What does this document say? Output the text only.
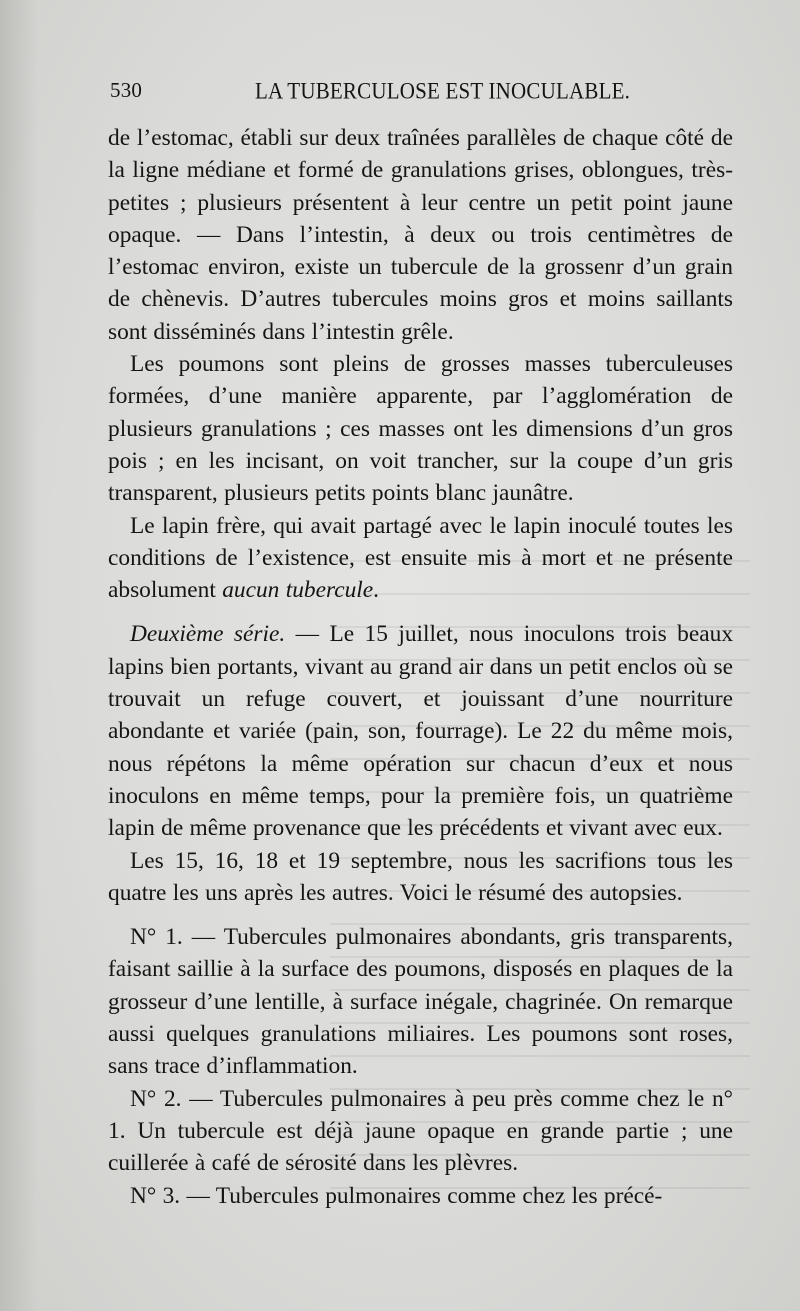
530	LA TUBERCULOSE EST INOCULABLE.

de l’estomac, établi sur deux traînées parallèles de chaque côté de la ligne médiane et formé de granulations grises, oblongues, très-petites ; plusieurs présentent à leur centre un petit point jaune opaque. — Dans l’intestin, à deux ou trois centimètres de l’estomac environ, existe un tubercule de la grossenr d’un grain de chènevis. D’autres tubercules moins gros et moins saillants sont disséminés dans l’intestin grêle.

Les poumons sont pleins de grosses masses tuberculeuses formées, d’une manière apparente, par l’agglomération de plusieurs granulations ; ces masses ont les dimensions d’un gros pois ; en les incisant, on voit trancher, sur la coupe d’un gris transparent, plusieurs petits points blanc jaunâtre.

Le lapin frère, qui avait partagé avec le lapin inoculé toutes les conditions de l’existence, est ensuite mis à mort et ne présente absolument aucun tubercule.

Deuxième série. — Le 15 juillet, nous inoculons trois beaux lapins bien portants, vivant au grand air dans un petit enclos où se trouvait un refuge couvert, et jouissant d’une nourriture abondante et variée (pain, son, fourrage). Le 22 du même mois, nous répétons la même opération sur chacun d’eux et nous inoculons en même temps, pour la première fois, un quatrième lapin de même provenance que les précédents et vivant avec eux.

Les 15, 16, 18 et 19 septembre, nous les sacrifions tous les quatre les uns après les autres. Voici le résumé des autopsies.

N° 1. — Tubercules pulmonaires abondants, gris transparents, faisant saillie à la surface des poumons, disposés en plaques de la grosseur d’une lentille, à surface inégale, chagrinée. On remarque aussi quelques granulations miliaires. Les poumons sont roses, sans trace d’inflammation.

N° 2. — Tubercules pulmonaires à peu près comme chez le n° 1. Un tubercule est déjà jaune opaque en grande partie ; une cuillerée à café de sérosité dans les plèvres.

N° 3. — Tubercules pulmonaires comme chez les précé-
